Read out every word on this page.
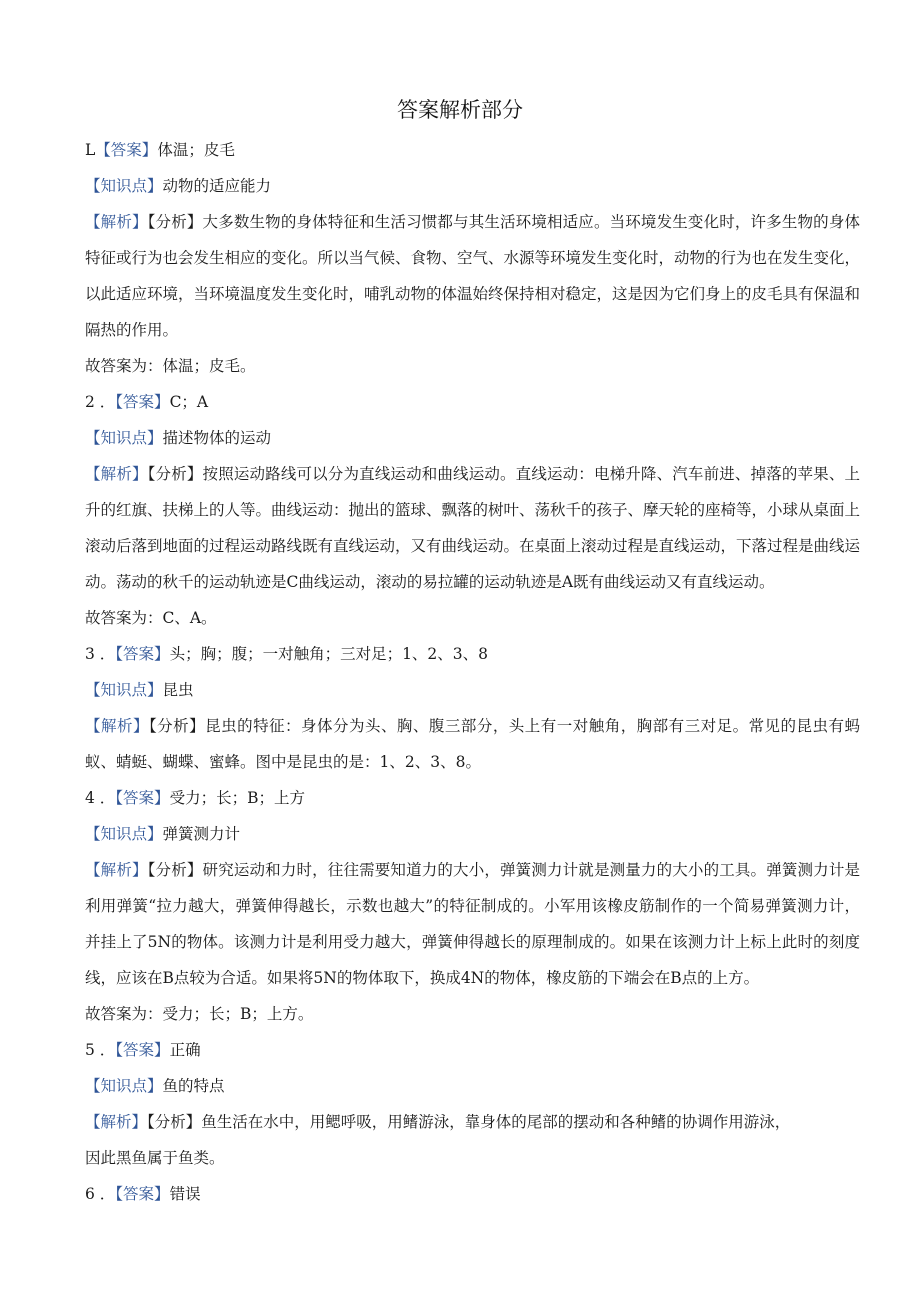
答案解析部分
L【答案】体温；皮毛
【知识点】动物的适应能力
【解析】【分析】大多数生物的身体特征和生活习惯都与其生活环境相适应。当环境发生变化时，许多生物的身体特征或行为也会发生相应的变化。所以当气候、食物、空气、水源等环境发生变化时，动物的行为也在发生变化，以此适应环境，当环境温度发生变化时，哺乳动物的体温始终保持相对稳定，这是因为它们身上的皮毛具有保温和隔热的作用。
故答案为：体温；皮毛。
2 ．【答案】C；A
【知识点】描述物体的运动
【解析】【分析】按照运动路线可以分为直线运动和曲线运动。直线运动：电梯升降、汽车前进、掉落的苹果、上升的红旗、扶梯上的人等。曲线运动：抛出的篮球、飘落的树叶、荡秋千的孩子、摩天轮的座椅等，小球从桌面上滚动后落到地面的过程运动路线既有直线运动，又有曲线运动。在桌面上滚动过程是直线运动，下落过程是曲线运动。荡动的秋千的运动轨迹是C曲线运动，滚动的易拉罐的运动轨迹是A既有曲线运动又有直线运动。
故答案为：C、A。
3 ．【答案】头；胸；腹；一对触角；三对足；1、2、3、8
【知识点】昆虫
【解析】【分析】昆虫的特征：身体分为头、胸、腹三部分，头上有一对触角，胸部有三对足。常见的昆虫有蚂蚁、蜻蜓、蝴蝶、蜜蜂。图中是昆虫的是：1、2、3、8。
4 ．【答案】受力；长；B；上方
【知识点】弹簧测力计
【解析】【分析】研究运动和力时，往往需要知道力的大小，弹簧测力计就是测量力的大小的工具。弹簧测力计是利用弹簧“拉力越大，弹簧伸得越长，示数也越大”的特征制成的。小军用该橡皮筋制作的一个简易弹簧测力计，并挂上了5N的物体。该测力计是利用受力越大，弹簧伸得越长的原理制成的。如果在该测力计上标上此时的刻度线，应该在B点较为合适。如果将5N的物体取下，换成4N的物体，橡皮筋的下端会在B点的上方。
故答案为：受力；长；B；上方。
5 ．【答案】正确
【知识点】鱼的特点
【解析】【分析】鱼生活在水中，用鳃呼吸，用鳍游泳，靠身体的尾部的摆动和各种鳍的协调作用游泳，
因此黑鱼属于鱼类。
6 ．【答案】错误
